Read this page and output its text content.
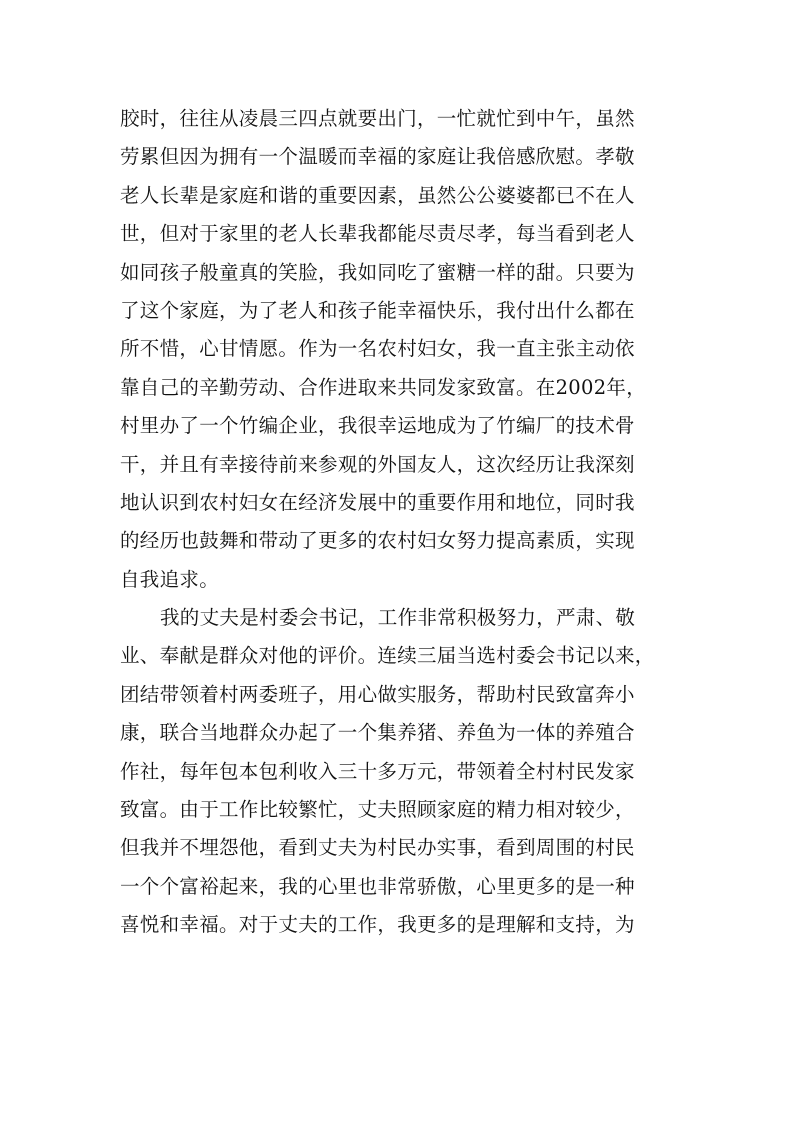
胶时，往往从凌晨三四点就要出门，一忙就忙到中午，虽然
劳累但因为拥有一个温暖而幸福的家庭让我倍感欣慰。孝敬
老人长辈是家庭和谐的重要因素，虽然公公婆婆都已不在人
世，但对于家里的老人长辈我都能尽责尽孝，每当看到老人
如同孩子般童真的笑脸，我如同吃了蜜糖一样的甜。只要为
了这个家庭，为了老人和孩子能幸福快乐，我付出什么都在
所不惜，心甘情愿。作为一名农村妇女，我一直主张主动依
靠自己的辛勤劳动、合作进取来共同发家致富。在2002年，
村里办了一个竹编企业，我很幸运地成为了竹编厂的技术骨
干，并且有幸接待前来参观的外国友人，这次经历让我深刻
地认识到农村妇女在经济发展中的重要作用和地位，同时我
的经历也鼓舞和带动了更多的农村妇女努力提高素质，实现
自我追求。
我的丈夫是村委会书记，工作非常积极努力，严肃、敬
业、奉献是群众对他的评价。连续三届当选村委会书记以来，
团结带领着村两委班子，用心做实服务，帮助村民致富奔小
康，联合当地群众办起了一个集养猪、养鱼为一体的养殖合
作社，每年包本包利收入三十多万元，带领着全村村民发家
致富。由于工作比较繁忙，丈夫照顾家庭的精力相对较少，
但我并不埋怨他，看到丈夫为村民办实事，看到周围的村民
一个个富裕起来，我的心里也非常骄傲，心里更多的是一种
喜悦和幸福。对于丈夫的工作，我更多的是理解和支持，为
